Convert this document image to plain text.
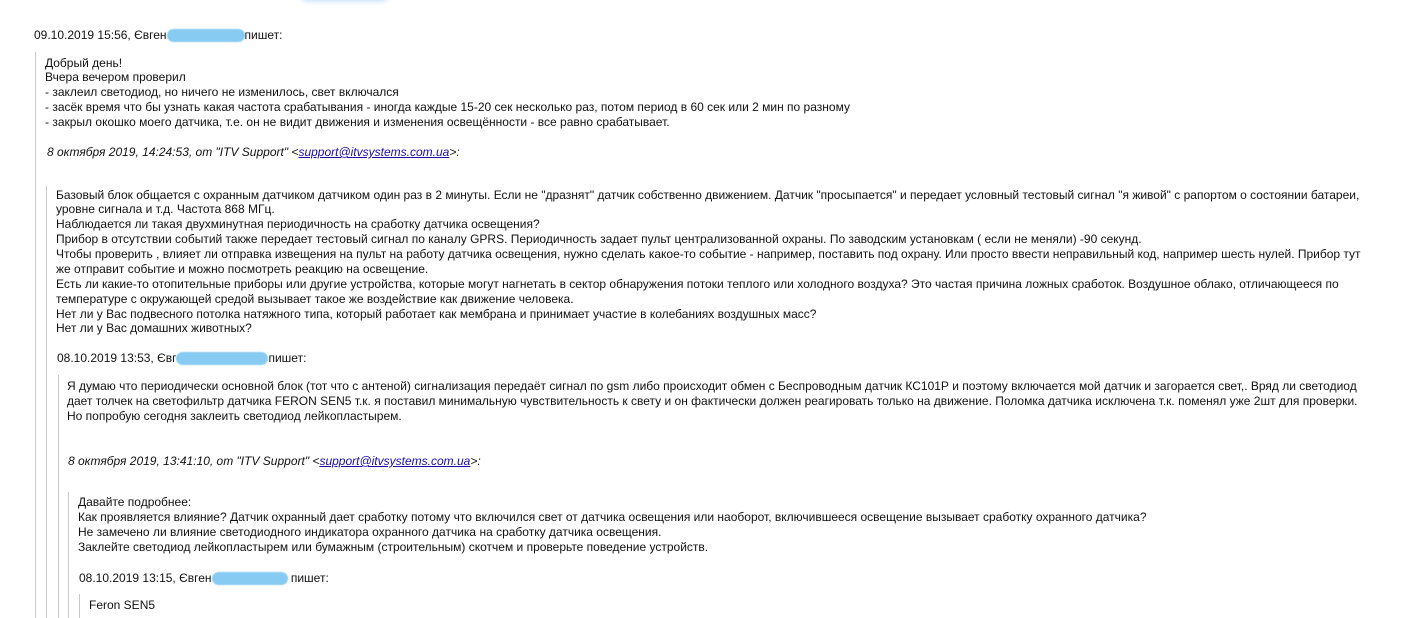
09.10.2019 15:56, Євген	пишет:
Добрый день!
Вчера вечером проверил
- заклеил светодиод, но ничего не изменилось, свет включался
- засёк время что бы узнать какая частота срабатывания - иногда каждые 15-20 сек несколько раз, потом период в 60 сек или 2 мин по разному
- закрыл окошко моего датчика, т.е. он не видит движения и изменения освещённости - все равно срабатывает.
8 октября 2019, 14:24:53, от "ITV Support" <support@itvsystems.com.ua>:
Базовый блок общается с охранным датчиком датчиком один раз в 2 минуты. Если не "дразнят" датчик собственно движением. Датчик "просыпается" и передает условный тестовый сигнал "я живой" с рапортом о состоянии батареи,
уровне сигнала и т.д. Частота 868 МГц.
Наблюдается ли такая двухминутная периодичность на сработку датчика освещения?
Прибор в отсутствии событий также передает тестовый сигнал по каналу GPRS. Периодичность задает пульт централизованной охраны. По заводским установкам ( если не меняли) -90 секунд.
Чтобы проверить , влияет ли отправка извещения на пульт на работу датчика освещения, нужно сделать какое-то событие - например, поставить под охрану. Или просто ввести неправильный код, например шесть нулей. Прибор тут
же отправит событие и можно посмотреть реакцию на освещение.
Есть ли какие-то отопительные приборы или другие устройства, которые могут нагнетать в сектор обнаружения потоки теплого или холодного воздуха? Это частая причина ложных сработок. Воздушное облако, отличающееся по
температуре с окружающей средой вызывает такое же воздействие как движение человека.
Нет ли у Вас подвесного потолка натяжного типа, который работает как мембрана и принимает участие в колебаниях воздушных масс?
Нет ли у Вас домашних животных?
08.10.2019 13:53, Євг	пишет:
Я думаю что периодически основной блок (тот что с антеной) сигнализация передаёт сигнал по gsm либо происходит обмен с Беспроводным датчик КС101Р и поэтому включается мой датчик и загорается свет,. Вряд ли светодиод
дает толчек на светофильтр датчика FERON SEN5 т.к. я поставил минимальную чувствительность к свету и он фактически должен реагировать только на движение. Поломка датчика исключена т.к. поменял уже 2шт для проверки.
Но попробую сегодня заклеить светодиод лейкопластырем.
8 октября 2019, 13:41:10, от "ITV Support" <support@itvsystems.com.ua>:
Давайте подробнее:
Как проявляется влияние? Датчик охранный дает сработку потому что включился свет от датчика освещения или наоборот, включившееся освещение вызывает сработку охранного датчика?
Не замечено ли влияние светодиодного индикатора охранного датчика на сработку датчика освещения.
Заклейте светодиод лейкопластырем или бумажным (строительным) скотчем и проверьте поведение устройств.
08.10.2019 13:15, Євген	пишет:
Feron SEN5
